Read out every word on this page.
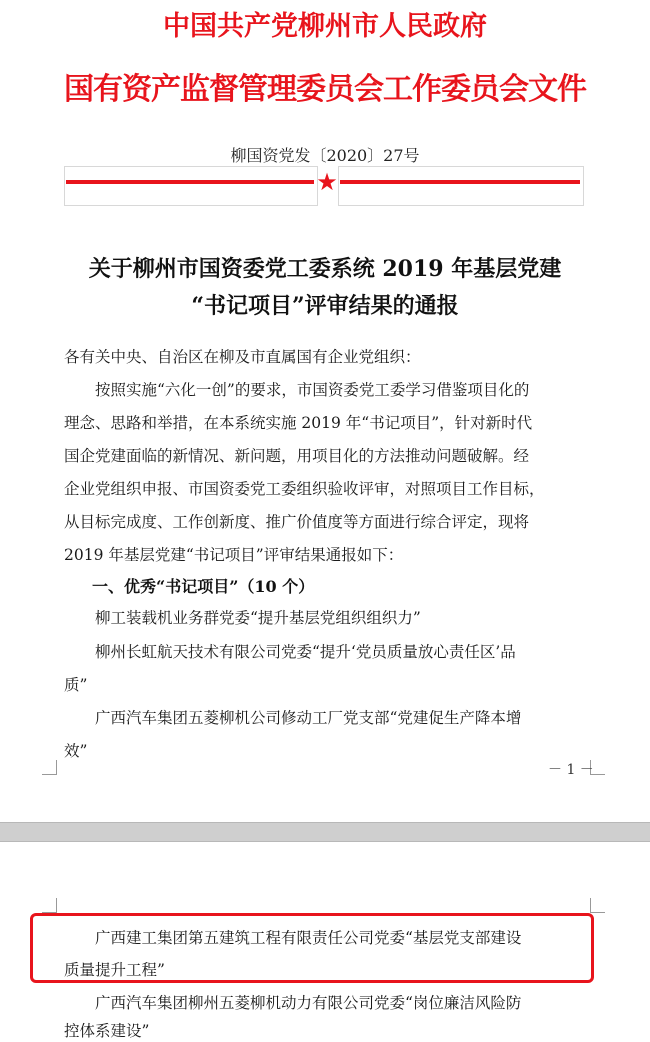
中国共产党柳州市人民政府
国有资产监督管理委员会工作委员会文件
柳国资党发〔2020〕27号
★
关于柳州市国资委党工委系统 2019 年基层党建
“书记项目”评审结果的通报
各有关中央、自治区在柳及市直属国有企业党组织：
　　按照实施“六化一创”的要求，市国资委党工委学习借鉴项目化的
理念、思路和举措，在本系统实施 2019 年“书记项目”，针对新时代
国企党建面临的新情况、新问题，用项目化的方法推动问题破解。经
企业党组织申报、市国资委党工委组织验收评审，对照项目工作目标，
从目标完成度、工作创新度、推广价值度等方面进行综合评定，现将
2019 年基层党建“书记项目”评审结果通报如下：
一、优秀“书记项目”（10 个）
　　柳工装载机业务群党委“提升基层党组织组织力”
　　柳州长虹航天技术有限公司党委“提升‘党员质量放心责任区’品
质”
　　广西汽车集团五菱柳机公司修动工厂党支部“党建促生产降本增
效”
－ 1 －
　　广西建工集团第五建筑工程有限责任公司党委“基层党支部建设
质量提升工程”
　　广西汽车集团柳州五菱柳机动力有限公司党委“岗位廉洁风险防
控体系建设”
